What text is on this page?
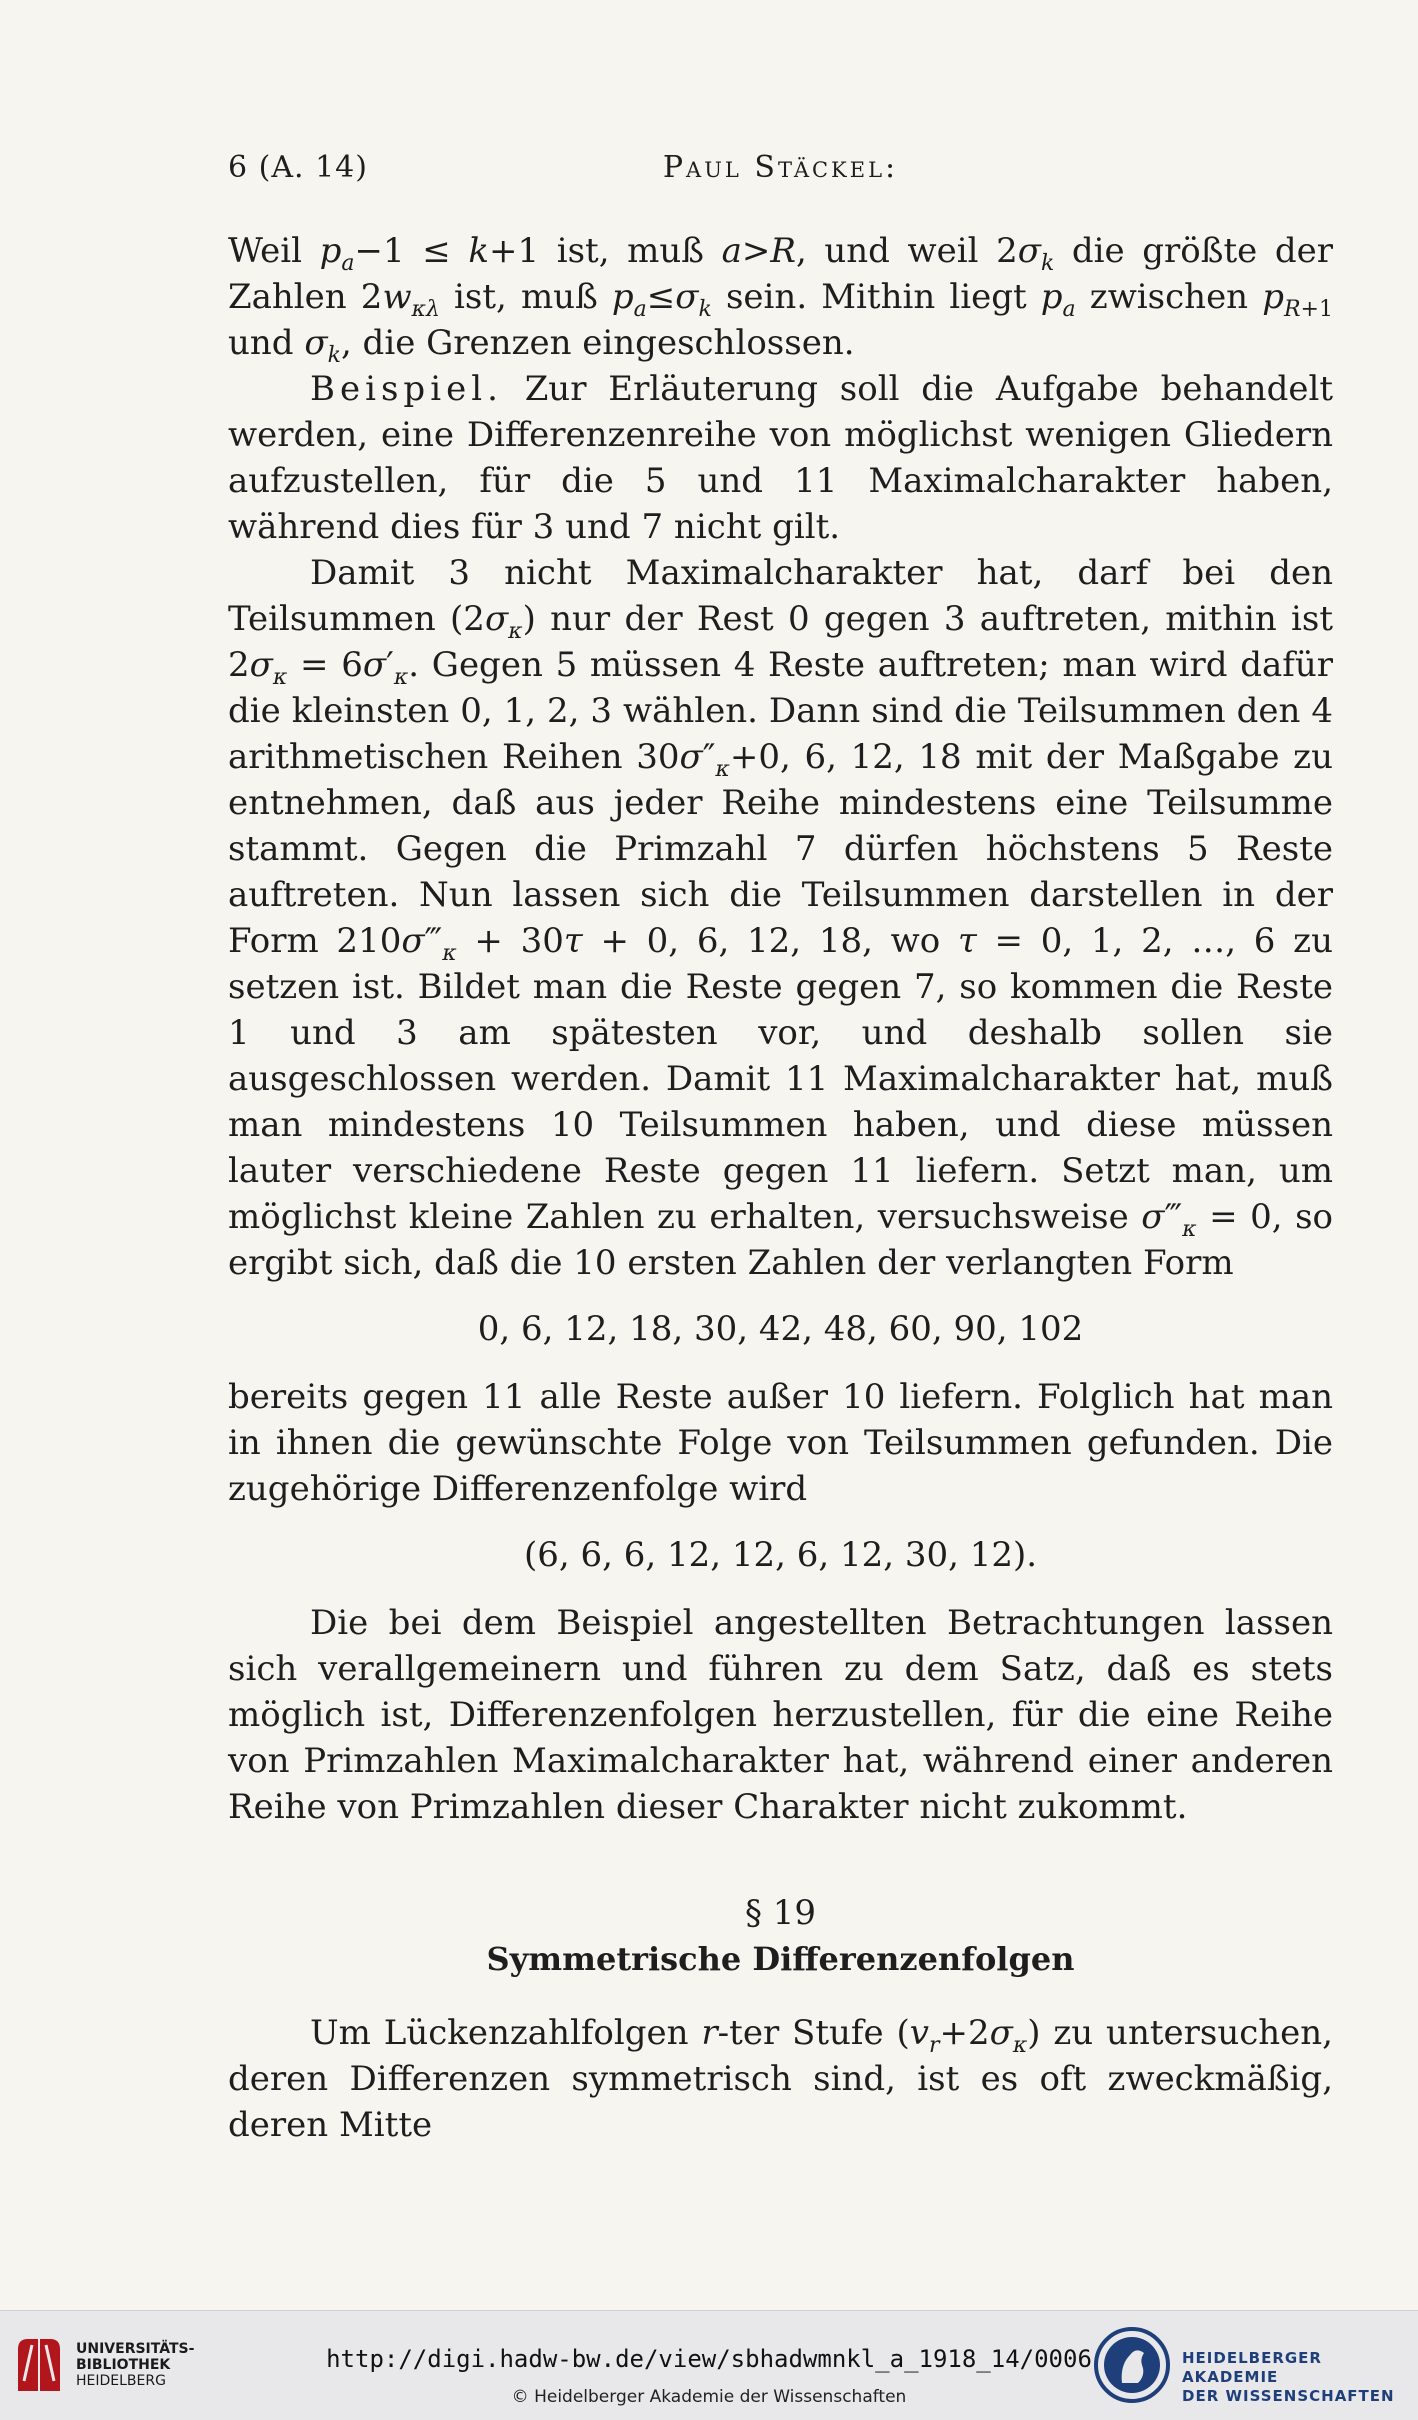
6 (A. 14)	Paul Stäckel:

Weil $p_a-1 \le k+1$ ist, muß a>R, und weil $2\sigma_k$ die größte der Zahlen $2w_{\kappa\lambda}$ ist, muß $p_a\le\sigma_k$ sein. Mithin liegt $p_a$ zwischen $p_{R+1}$ und $\sigma_k$, die Grenzen eingeschlossen.

Beispiel. Zur Erläuterung soll die Aufgabe behandelt werden, eine Differenzenreihe von möglichst wenigen Gliedern aufzustellen, für die 5 und 11 Maximalcharakter haben, während dies für 3 und 7 nicht gilt.

Damit 3 nicht Maximalcharakter hat, darf bei den Teilsummen $(2\sigma_\kappa)$ nur der Rest 0 gegen 3 auftreten, mithin ist $2\sigma_\kappa = 6\sigma'_\kappa$. Gegen 5 müssen 4 Reste auftreten; man wird dafür die kleinsten 0, 1, 2, 3 wählen. Dann sind die Teilsummen den 4 arithmetischen Reihen $30\sigma''_\kappa+0$, 6, 12, 18 mit der Maßgabe zu entnehmen, daß aus jeder Reihe mindestens eine Teilsumme stammt. Gegen die Primzahl 7 dürfen höchstens 5 Reste auftreten. Nun lassen sich die Teilsummen darstellen in der Form $210\sigma‴_\kappa + 30\tau + 0$, 6, 12, 18, wo τ = 0, 1, 2, …, 6 zu setzen ist. Bildet man die Reste gegen 7, so kommen die Reste 1 und 3 am spätesten vor, und deshalb sollen sie ausgeschlossen werden. Damit 11 Maximalcharakter hat, muß man mindestens 10 Teilsummen haben, und diese müssen lauter verschiedene Reste gegen 11 liefern. Setzt man, um möglichst kleine Zahlen zu erhalten, versuchsweise $\sigma‴_\kappa = 0$, so ergibt sich, daß die 10 ersten Zahlen der verlangten Form

0, 6, 12, 18, 30, 42, 48, 60, 90, 102

bereits gegen 11 alle Reste außer 10 liefern. Folglich hat man in ihnen die gewünschte Folge von Teilsummen gefunden. Die zugehörige Differenzenfolge wird

(6, 6, 6, 12, 12, 6, 12, 30, 12).

Die bei dem Beispiel angestellten Betrachtungen lassen sich verallgemeinern und führen zu dem Satz, daß es stets möglich ist, Differenzenfolgen herzustellen, für die eine Reihe von Primzahlen Maximalcharakter hat, während einer anderen Reihe von Primzahlen dieser Charakter nicht zukommt.

§ 19
Symmetrische Differenzenfolgen

Um Lückenzahlfolgen r-ter Stufe $(v_r+2\sigma_\kappa)$ zu untersuchen, deren Differenzen symmetrisch sind, ist es oft zweckmäßig, deren Mitte

UNIVERSITÄTS-
BIBLIOTHEK
HEIDELBERG
http://digi.hadw-bw.de/view/sbhadwmnkl_a_1918_14/0006
© Heidelberger Akademie der Wissenschaften
HEIDELBERGER AKADEMIE
DER WISSENSCHAFTEN
